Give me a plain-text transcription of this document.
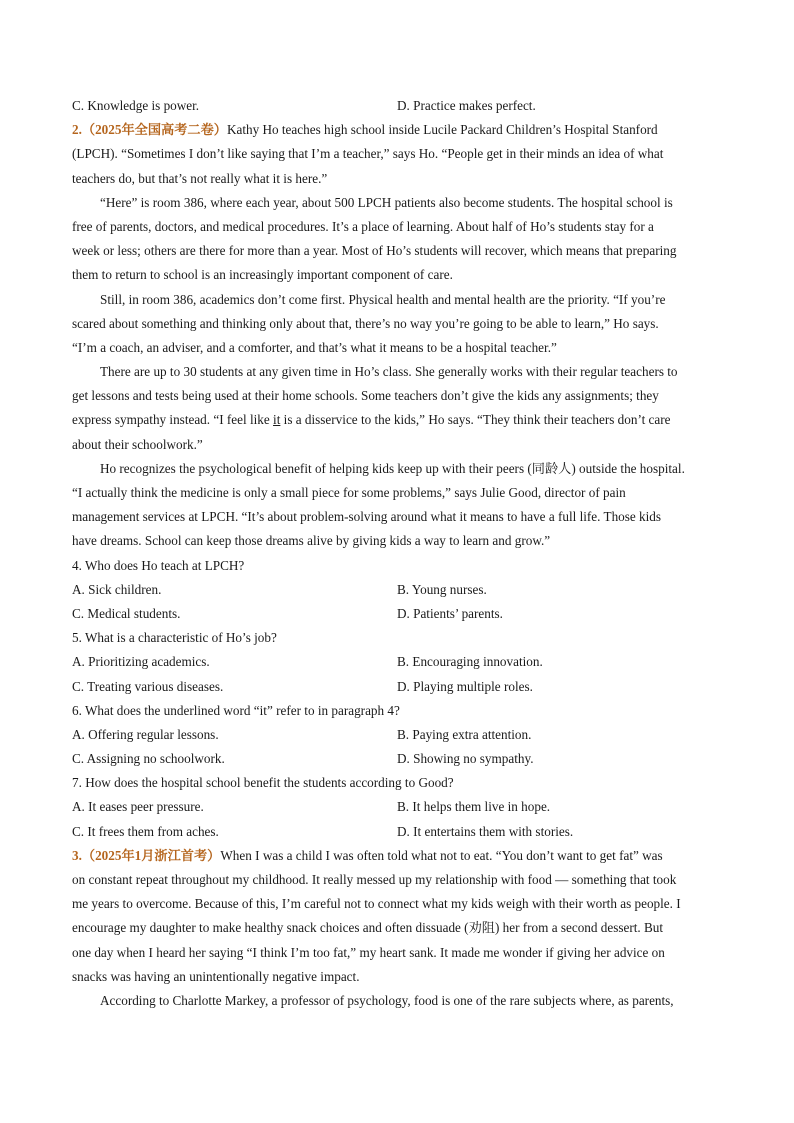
C. Knowledge is power.	D. Practice makes perfect.
2.（2025年全国高考二卷）Kathy Ho teaches high school inside Lucile Packard Children’s Hospital Stanford
(LPCH). “Sometimes I don’t like saying that I’m a teacher,” says Ho. “People get in their minds an idea of what
teachers do, but that’s not really what it is here.”
“Here” is room 386, where each year, about 500 LPCH patients also become students. The hospital school is
free of parents, doctors, and medical procedures. It’s a place of learning. About half of Ho’s students stay for a
week or less; others are there for more than a year. Most of Ho’s students will recover, which means that preparing
them to return to school is an increasingly important component of care.
Still, in room 386, academics don’t come first. Physical health and mental health are the priority. “If you’re
scared about something and thinking only about that, there’s no way you’re going to be able to learn,” Ho says.
“I’m a coach, an adviser, and a comforter, and that’s what it means to be a hospital teacher.”
There are up to 30 students at any given time in Ho’s class. She generally works with their regular teachers to
get lessons and tests being used at their home schools. Some teachers don’t give the kids any assignments; they
express sympathy instead. “I feel like it is a disservice to the kids,” Ho says. “They think their teachers don’t care
about their schoolwork.”
Ho recognizes the psychological benefit of helping kids keep up with their peers (同龄人) outside the hospital.
“I actually think the medicine is only a small piece for some problems,” says Julie Good, director of pain
management services at LPCH. “It’s about problem-solving around what it means to have a full life. Those kids
have dreams. School can keep those dreams alive by giving kids a way to learn and grow.”
4. Who does Ho teach at LPCH?
A. Sick children.	B. Young nurses.
C. Medical students.	D. Patients’ parents.
5. What is a characteristic of Ho’s job?
A. Prioritizing academics.	B. Encouraging innovation.
C. Treating various diseases.	D. Playing multiple roles.
6. What does the underlined word “it” refer to in paragraph 4?
A. Offering regular lessons.	B. Paying extra attention.
C. Assigning no schoolwork.	D. Showing no sympathy.
7. How does the hospital school benefit the students according to Good?
A. It eases peer pressure.	B. It helps them live in hope.
C. It frees them from aches.	D. It entertains them with stories.
3.（2025年1月浙江首考）When I was a child I was often told what not to eat. “You don’t want to get fat” was
on constant repeat throughout my childhood. It really messed up my relationship with food — something that took
me years to overcome. Because of this, I’m careful not to connect what my kids weigh with their worth as people. I
encourage my daughter to make healthy snack choices and often dissuade (劝阻) her from a second dessert. But
one day when I heard her saying “I think I’m too fat,” my heart sank. It made me wonder if giving her advice on
snacks was having an unintentionally negative impact.
According to Charlotte Markey, a professor of psychology, food is one of the rare subjects where, as parents,
